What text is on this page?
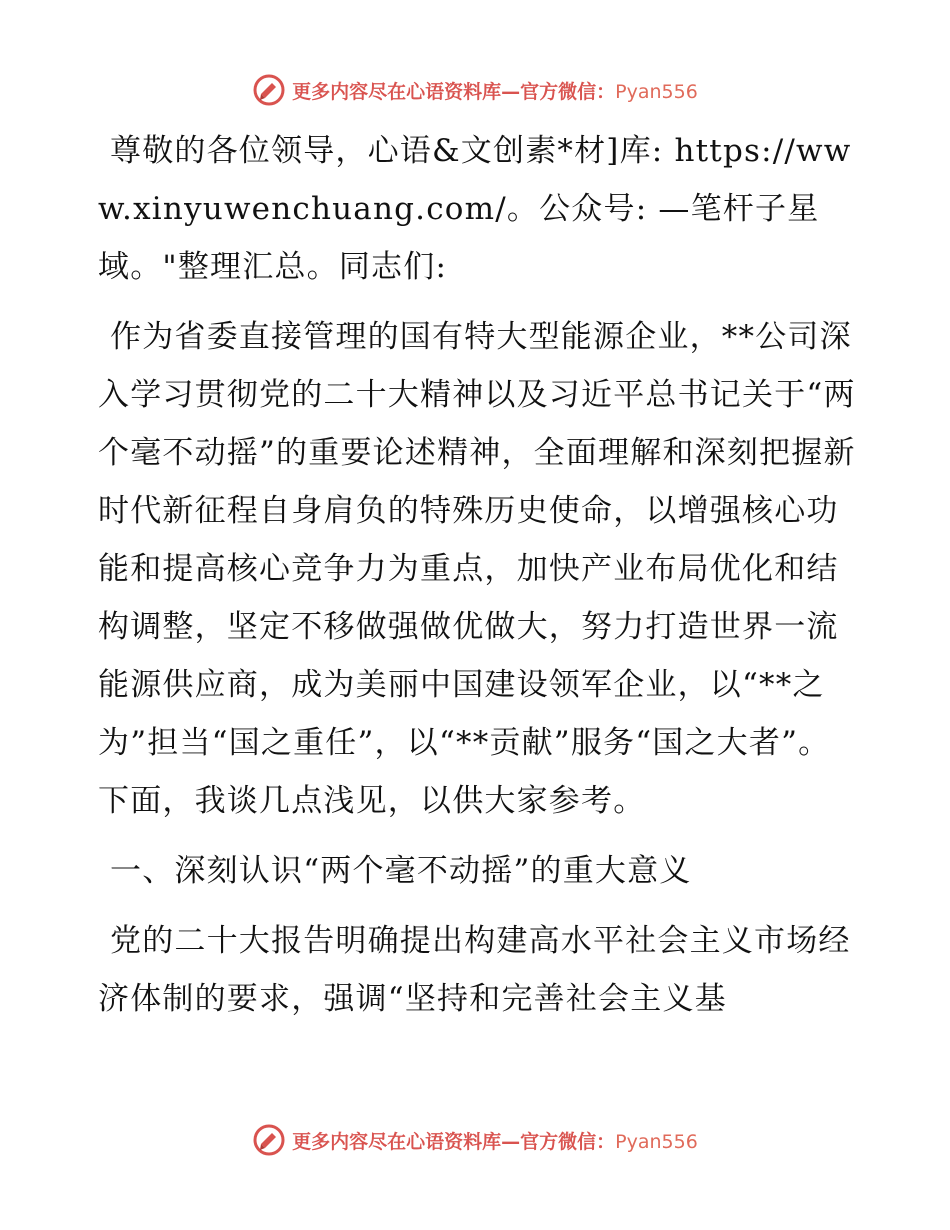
更多内容尽在心语资料库—官方微信：Pyan556

尊敬的各位领导，心语&文创素*材]库: https://www.xinyuwenchuang.com/。公众号: —笔杆子星域。"整理汇总。同志们:

作为省委直接管理的国有特大型能源企业，**公司深入学习贯彻党的二十大精神以及习近平总书记关于“两个毫不动摇”的重要论述精神，全面理解和深刻把握新时代新征程自身肩负的特殊历史使命，以增强核心功能和提高核心竞争力为重点，加快产业布局优化和结构调整，坚定不移做强做优做大，努力打造世界一流能源供应商，成为美丽中国建设领军企业，以“**之为”担当“国之重任”，以“**贡献”服务“国之大者”。下面，我谈几点浅见，以供大家参考。

一、深刻认识“两个毫不动摇”的重大意义

党的二十大报告明确提出构建高水平社会主义市场经济体制的要求，强调“坚持和完善社会主义基

更多内容尽在心语资料库—官方微信：Pyan556
